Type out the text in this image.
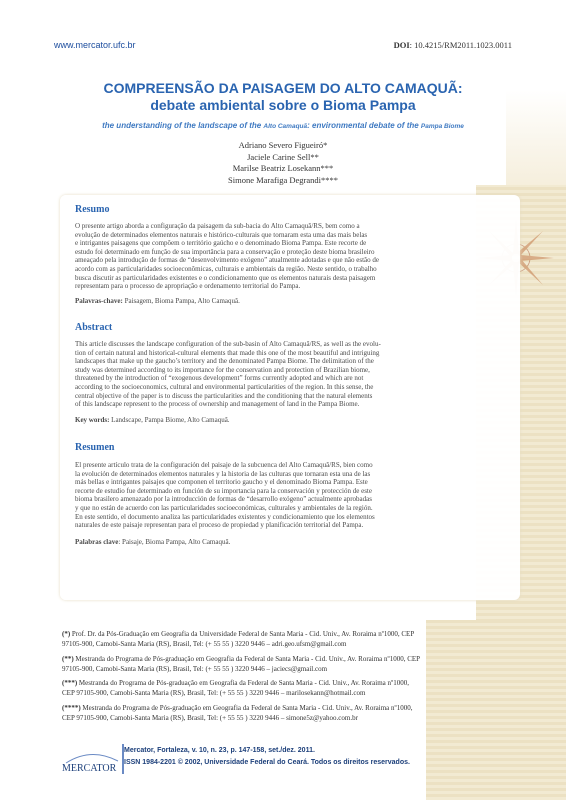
www.mercator.ufc.br	DOI: 10.4215/RM2011.1023.0011
COMPREENSÃO DA PAISAGEM DO ALTO CAMAQUÃ:
debate ambiental sobre o Bioma Pampa
the understanding of the landscape of the Alto Camaquã: environmental debate of the Pampa Biome
Adriano Severo Figueiró*
Jaciele Carine Sell**
Marilse Beatriz Losekann***
Simone Marafiga Degrandi****
Resumo
O presente artigo aborda a configuração da paisagem da sub-bacia do Alto Camaquã/RS, bem como a
evolução de determinados elementos naturais e histórico-culturais que tornaram esta uma das mais belas
e intrigantes paisagens que compõem o território gaúcho e o denominado Bioma Pampa. Este recorte de
estudo foi determinado em função de sua importância para a conservação e proteção deste bioma brasileiro
ameaçado pela introdução de formas de “desenvolvimento exógeno” atualmente adotadas e que não estão de
acordo com as particularidades socioeconômicas, culturais e ambientais da região. Neste sentido, o trabalho
busca discutir as particularidades existentes e o condicionamento que os elementos naturais desta paisagem
representam para o processo de apropriação e ordenamento territorial do Pampa.
Palavras-chave: Paisagem, Bioma Pampa, Alto Camaquã.
Abstract
This article discusses the landscape configuration of the sub-basin of Alto Camaquã/RS, as well as the evolu-
tion of certain natural and historical-cultural elements that made this one of the most beautiful and intriguing
landscapes that make up the gaucho’s territory and the denominated Pampa Biome. The delimitation of the
study was determined according to its importance for the conservation and protection of Brazilian biome,
threatened by the introduction of “exogenous development” forms currently adopted and which are not
according to the socioeconomics, cultural and environmental particularities of the region. In this sense, the
central objective of the paper is to discuss the particularities and the conditioning that the natural elements
of this landscape represent to the process of ownership and management of land in the Pampa Biome.
Key words: Landscape, Pampa Biome, Alto Camaquã.
Resumen
El presente artículo trata de la configuración del paisaje de la subcuenca del Alto Camaquã/RS, bien como
la evolución de determinados elementos naturales y la historia de las culturas que tornaran esta una de las
más bellas e intrigantes paisajes que componen el territorio gaucho y el denominado Bioma Pampa. Este
recorte de estudio fue determinado en función de su importancia para la conservación y protección de este
bioma brasilero amenazado por la introducción de formas de “desarrollo exógeno” actualmente aprobadas
y que no están de acuerdo con las particularidades socioeconómicas, culturales y ambientales de la región.
En este sentido, el documento analiza las particularidades existentes y condicionamiento que los elementos
naturales de este paisaje representan para el proceso de propiedad y planificación territorial del Pampa.
Palabras clave: Paisaje, Bioma Pampa, Alto Camaquã.
(*) Prof. Dr. da Pós-Graduação em Geografia da Universidade Federal de Santa Maria - Cid. Univ., Av. Roraima nº1000, CEP
97105-900, Camobi-Santa Maria (RS), Brasil, Tel: (+ 55 55 ) 3220 9446 – adri.geo.ufsm@gmail.com
(**) Mestranda do Programa de Pós-graduação em Geografia da Federal de Santa Maria - Cid. Univ., Av. Roraima nº1000, CEP
97105-900, Camobi-Santa Maria (RS), Brasil, Tel: (+ 55 55 ) 3220 9446 – jaciecs@gmail.com
(***) Mestranda do Programa de Pós-graduação em Geografia da Federal de Santa Maria - Cid. Univ., Av. Roraima nº1000,
CEP 97105-900, Camobi-Santa Maria (RS), Brasil, Tel: (+ 55 55 ) 3220 9446 – marilosekann@hotmail.com
(****) Mestranda do Programa de Pós-graduação em Geografia da Federal de Santa Maria - Cid. Univ., Av. Roraima nº1000,
CEP 97105-900, Camobi-Santa Maria (RS), Brasil, Tel: (+ 55 55 ) 3220 9446 – simone5z@yahoo.com.br
MERCATOR
Mercator, Fortaleza, v. 10, n. 23, p. 147-158, set./dez. 2011.
ISSN 1984-2201 © 2002, Universidade Federal do Ceará. Todos os direitos reservados.
